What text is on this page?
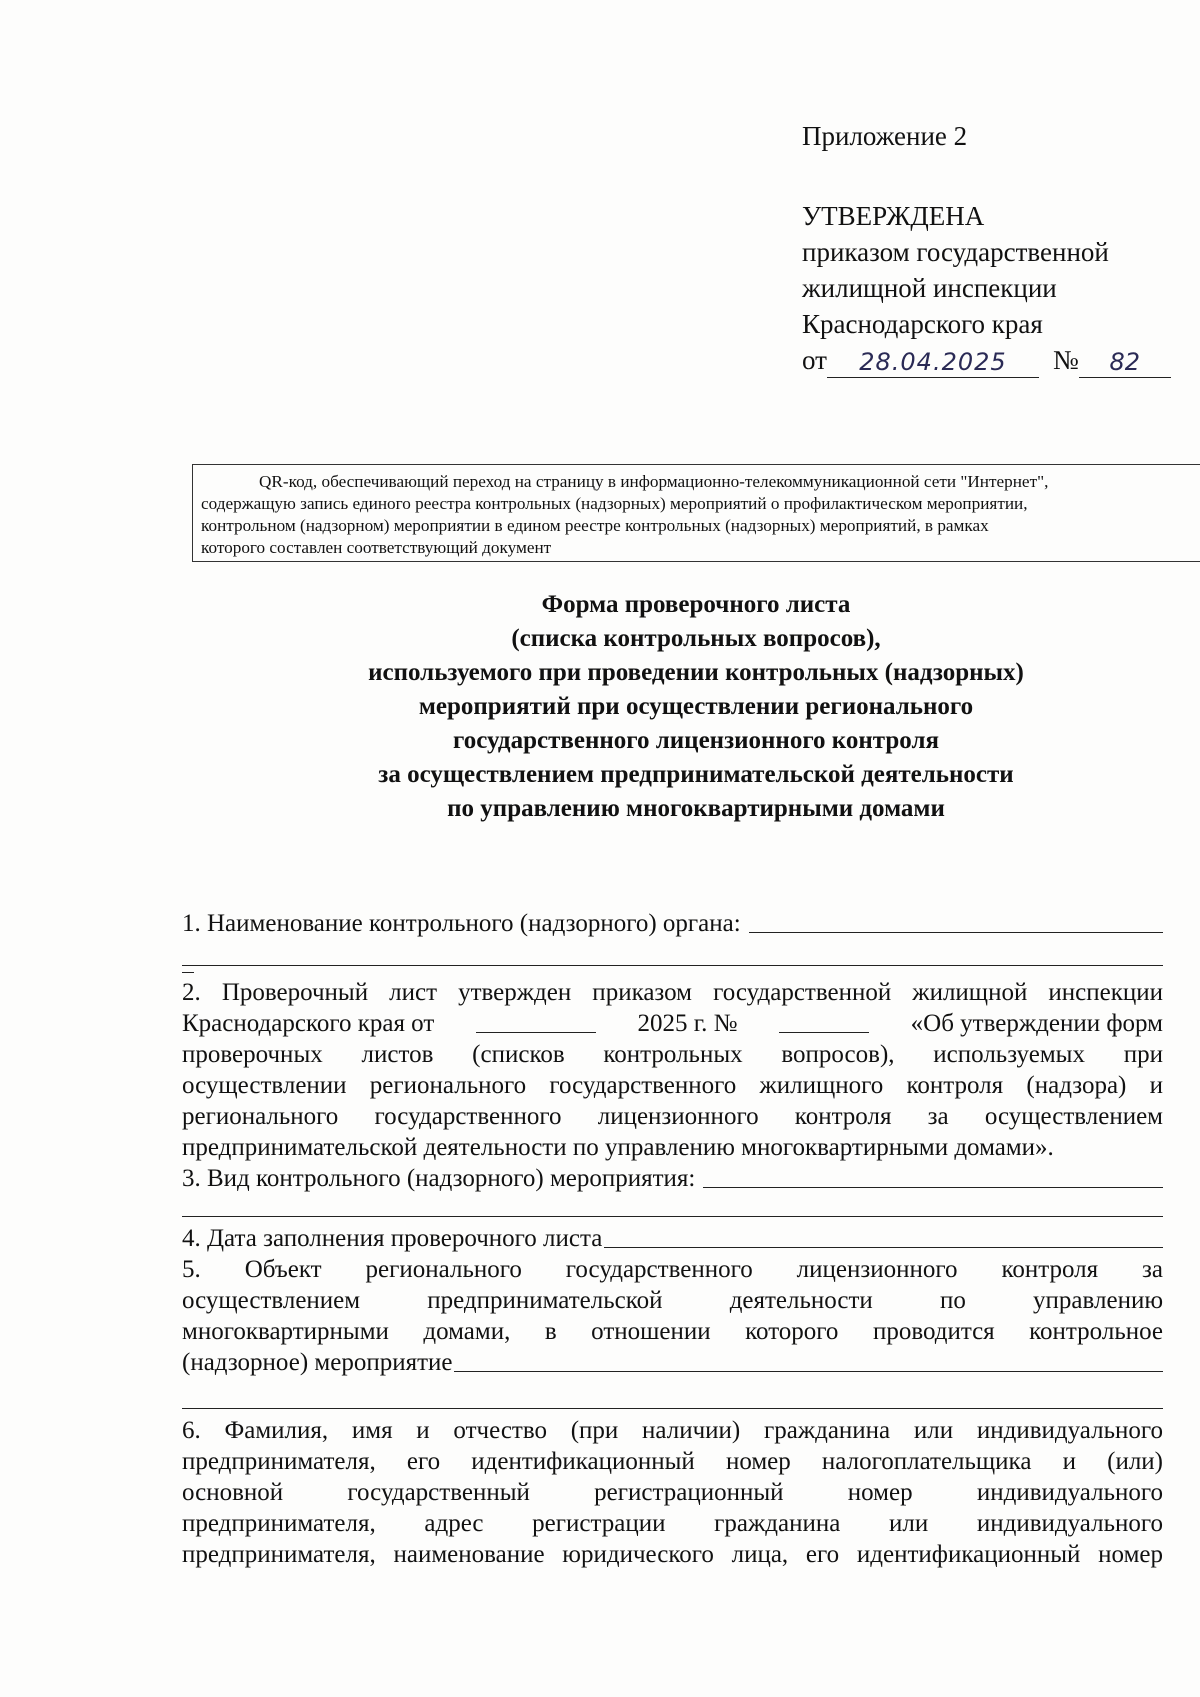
Приложение 2
УТВЕРЖДЕНА
приказом государственной
жилищной инспекции
Краснодарского края
от 28.04.2025 № 82
QR-код, обеспечивающий переход на страницу в информационно-телекоммуникационной сети "Интернет",
содержащую запись единого реестра контрольных (надзорных) мероприятий о профилактическом мероприятии,
контрольном (надзорном) мероприятии в едином реестре контрольных (надзорных) мероприятий, в рамках
которого составлен соответствующий документ
Форма проверочного листа
(списка контрольных вопросов),
используемого при проведении контрольных (надзорных)
мероприятий при осуществлении регионального
государственного лицензионного контроля
за осуществлением предпринимательской деятельности
по управлению многоквартирными домами
1. Наименование контрольного (надзорного) органа:
2. Проверочный лист утвержден приказом государственной жилищной инспекции
Краснодарского края от	2025 г. №	«Об утверждении форм
проверочных листов (списков контрольных вопросов), используемых при
осуществлении регионального государственного жилищного контроля (надзора) и
регионального государственного лицензионного контроля за осуществлением
предпринимательской деятельности по управлению многоквартирными домами».
3. Вид контрольного (надзорного) мероприятия:
4. Дата заполнения проверочного листа
5. Объект регионального государственного лицензионного контроля за
осуществлением предпринимательской деятельности по управлению
многоквартирными домами, в отношении которого проводится контрольное
(надзорное) мероприятие
6. Фамилия, имя и отчество (при наличии) гражданина или индивидуального
предпринимателя, его идентификационный номер налогоплательщика и (или)
основной государственный регистрационный номер индивидуального
предпринимателя, адрес регистрации гражданина или индивидуального
предпринимателя, наименование юридического лица, его идентификационный номер
